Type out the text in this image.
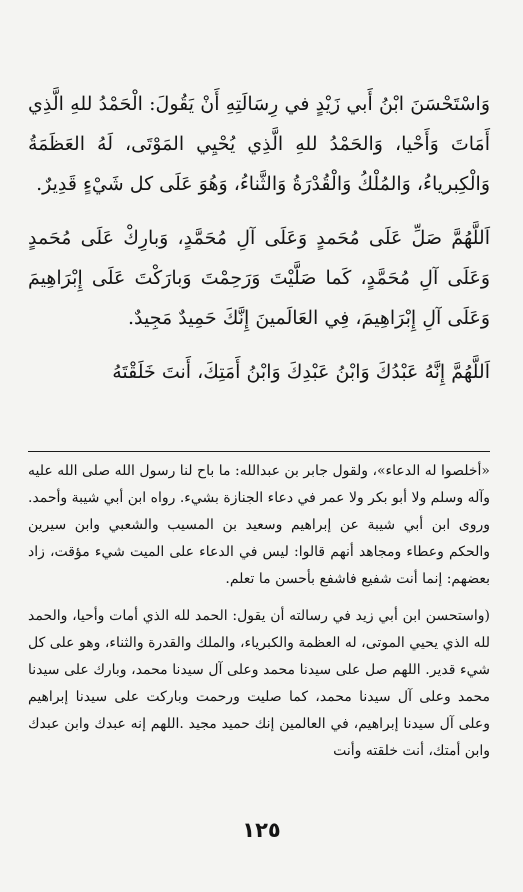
وَاسْتَحْسَنَ ابْنُ أَبي زَيْدٍ في رِسَالَتِهِ أَنْ يَقُولَ: الْحَمْدُ للهِ الَّذِي أَمَاتَ وَأَحْيا، وَالحَمْدُ للهِ الَّذِي يُحْيِي المَوْتَى، لَهُ العَظَمَةُ وَالْكِبرياءُ، وَالمُلْكُ وَالْقُدْرَةُ وَالثَّناءُ، وَهُوَ عَلَى كل شَيْءٍ قَدِيرٌ.

اَللَّهُمَّ صَلِّ عَلَى مُحَمدٍ وَعَلَى آلِ مُحَمَّدٍ، وَبارِكْ عَلَى مُحَمدٍ وَعَلَى آلِ مُحَمَّدٍ، كَما صَلَّيْتَ وَرَحِمْتَ وَبارَكْتَ عَلَى إِبْرَاهِيمَ وَعَلَى آلِ إِبْرَاهِيمَ، فِي العَالَمينَ إِنَّكَ حَمِيدٌ مَجِيدٌ.

اَللَّهُمَّ إِنَّهُ عَبْدُكَ وَابْنُ عَبْدِكَ وَابْنُ أَمَتِكَ، أَنتَ خَلَقْتَهُ

«أخلصوا له الدعاء»، ولقول جابر بن عبدالله: ما باح لنا رسول الله صلى الله عليه وآله وسلم ولا أبو بكر ولا عمر في دعاء الجنازة بشيء. رواه ابن أبي شيبة وأحمد. وروى ابن أبي شيبة عن إبراهيم وسعيد بن المسيب والشعبي وابن سيرين والحكم وعطاء ومجاهد أنهم قالوا: ليس في الدعاء على الميت شيء مؤقت، زاد بعضهم: إنما أنت شفيع فاشفع بأحسن ما تعلم.

(واستحسن ابن أبي زيد في رسالته أن يقول: الحمد لله الذي أمات وأحيا، والحمد لله الذي يحيي الموتى، له العظمة والكبرياء، والملك والقدرة والثناء، وهو على كل شيء قدير. اللهم صل على سيدنا محمد وعلى آل سيدنا محمد، وبارك على سيدنا محمد وعلى آل سيدنا محمد، كما صليت ورحمت وباركت على سيدنا إبراهيم وعلى آل سيدنا إبراهيم، في العالمين إنك حميد مجيد .اللهم إنه عبدك وابن عبدك وابن أمتك، أنت خلقته وأنت

١٢٥
